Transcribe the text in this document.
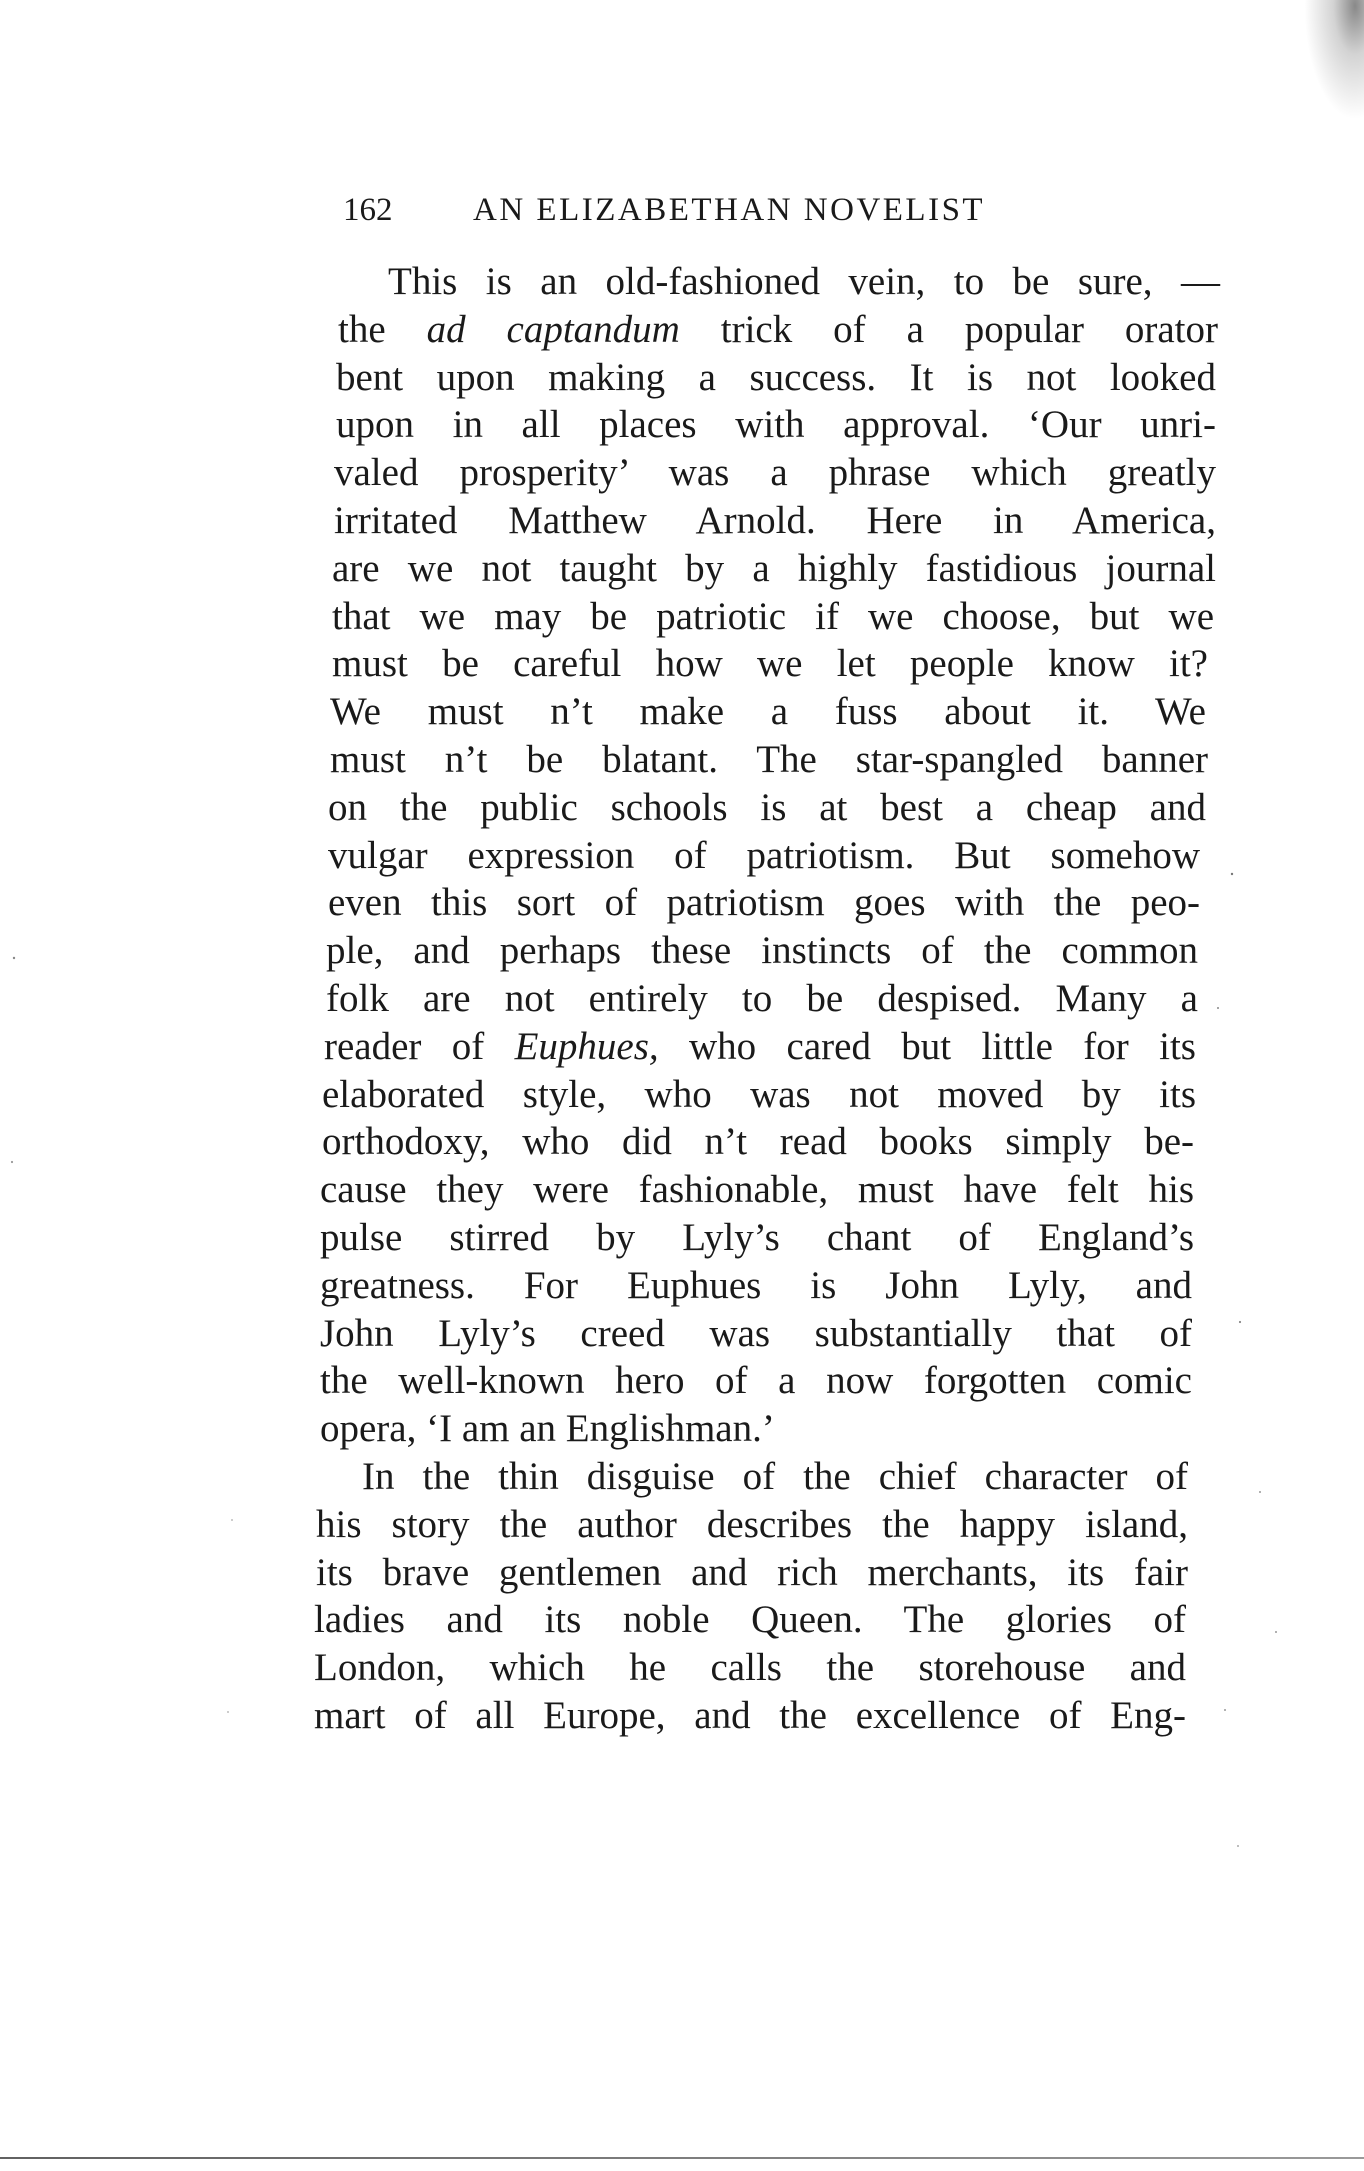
162 AN ELIZABETHAN NOVELIST
This is an old-fashioned vein, to be sure, —
the ad captandum trick of a popular orator
bent upon making a success. It is not looked
upon in all places with approval. ‘Our unri-
valed prosperity’ was a phrase which greatly
irritated Matthew Arnold. Here in America,
are we not taught by a highly fastidious journal
that we may be patriotic if we choose, but we
must be careful how we let people know it?
We must n’t make a fuss about it. We
must n’t be blatant. The star-spangled banner
on the public schools is at best a cheap and
vulgar expression of patriotism. But somehow
even this sort of patriotism goes with the peo-
ple, and perhaps these instincts of the common
folk are not entirely to be despised. Many a
reader of Euphues, who cared but little for its
elaborated style, who was not moved by its
orthodoxy, who did n’t read books simply be-
cause they were fashionable, must have felt his
pulse stirred by Lyly’s chant of England’s
greatness. For Euphues is John Lyly, and
John Lyly’s creed was substantially that of
the well-known hero of a now forgotten comic
opera, ‘I am an Englishman.’
In the thin disguise of the chief character of
his story the author describes the happy island,
its brave gentlemen and rich merchants, its fair
ladies and its noble Queen. The glories of
London, which he calls the storehouse and
mart of all Europe, and the excellence of Eng-
